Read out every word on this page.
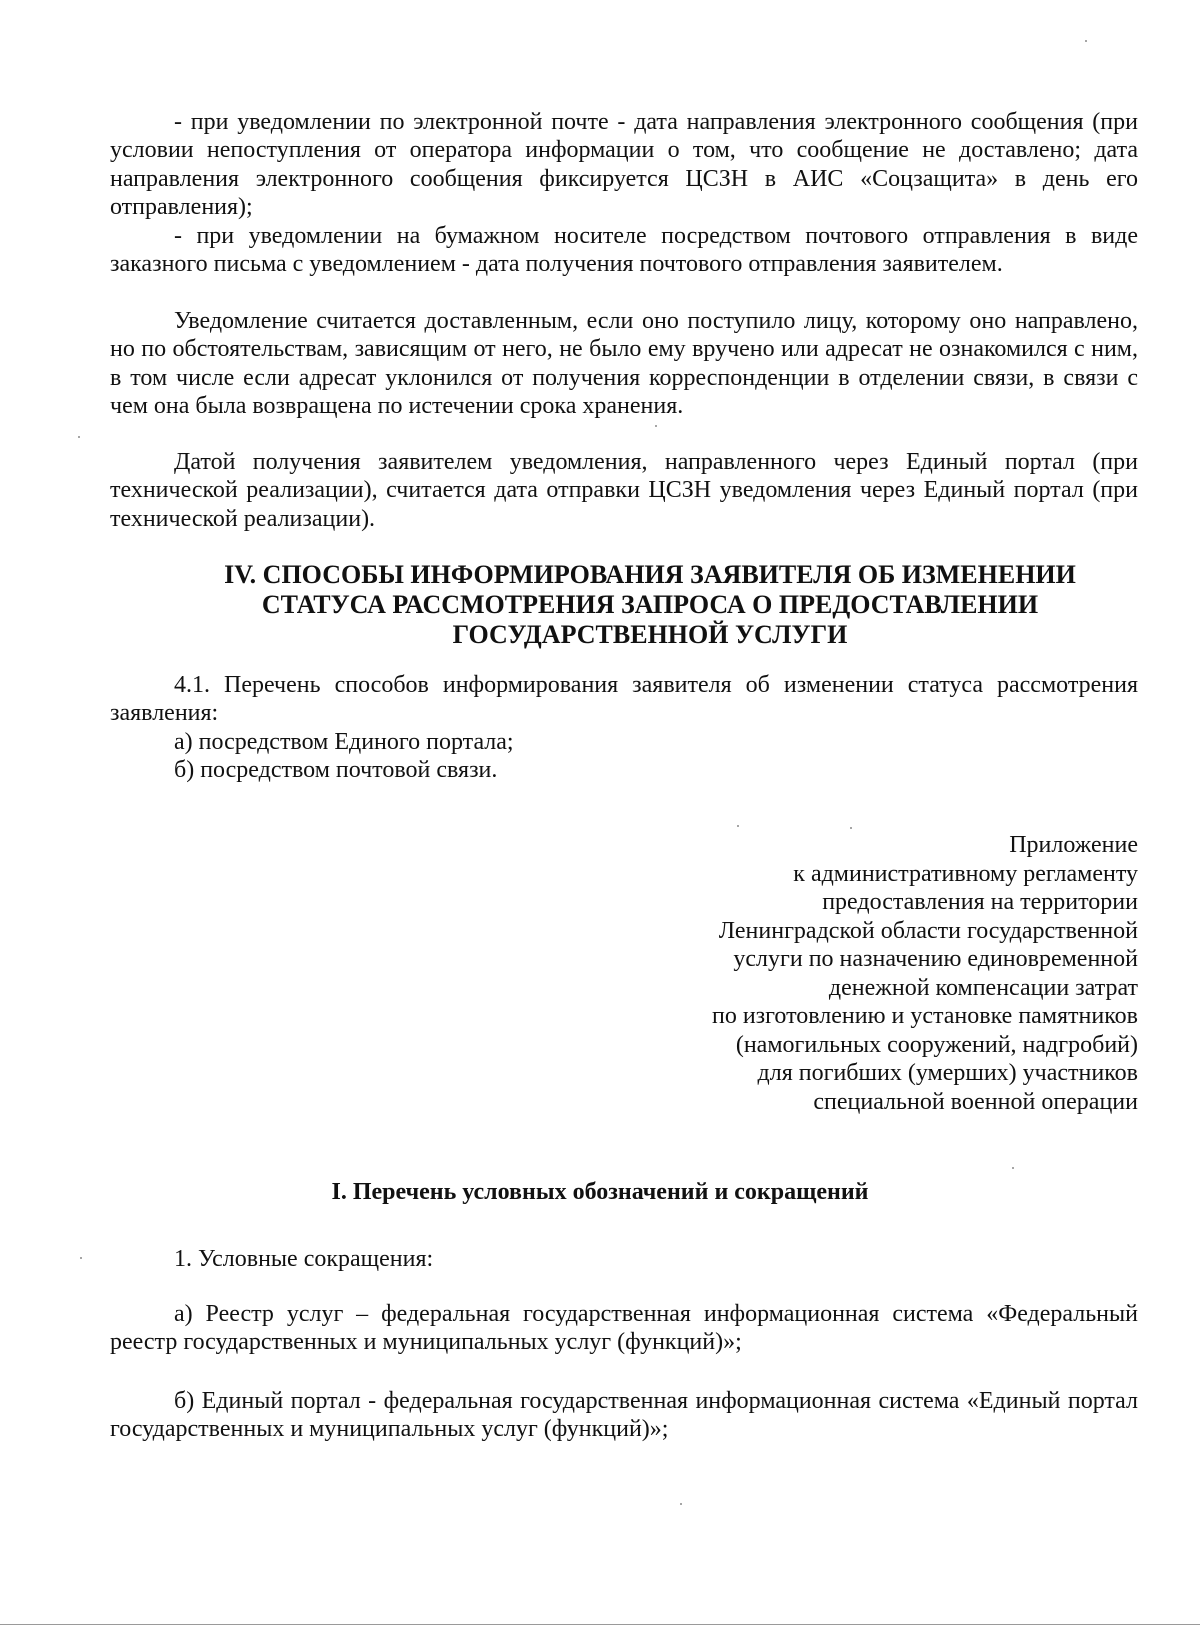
- при уведомлении по электронной почте - дата направления электронного сообщения (при условии непоступления от оператора информации о том, что сообщение не доставлено; дата направления электронного сообщения фиксируется ЦСЗН в АИС «Соцзащита» в день его отправления);
- при уведомлении на бумажном носителе посредством почтового отправления в виде заказного письма с уведомлением - дата получения почтового отправления заявителем.
Уведомление считается доставленным, если оно поступило лицу, которому оно направлено, но по обстоятельствам, зависящим от него, не было ему вручено или адресат не ознакомился с ним, в том числе если адресат уклонился от получения корреспонденции в отделении связи, в связи с чем она была возвращена по истечении срока хранения.
Датой получения заявителем уведомления, направленного через Единый портал (при технической реализации), считается дата отправки ЦСЗН уведомления через Единый портал (при технической реализации).
IV. СПОСОБЫ ИНФОРМИРОВАНИЯ ЗАЯВИТЕЛЯ ОБ ИЗМЕНЕНИИ
СТАТУСА РАССМОТРЕНИЯ ЗАПРОСА О ПРЕДОСТАВЛЕНИИ
ГОСУДАРСТВЕННОЙ УСЛУГИ
4.1. Перечень способов информирования заявителя об изменении статуса рассмотрения заявления:
а) посредством Единого портала;
б) посредством почтовой связи.
Приложение
к административному регламенту
предоставления на территории
Ленинградской области государственной
услуги по назначению единовременной
денежной компенсации затрат
по изготовлению и установке памятников
(намогильных сооружений, надгробий)
для погибших (умерших) участников
специальной военной операции
I. Перечень условных обозначений и сокращений
1. Условные сокращения:
а) Реестр услуг – федеральная государственная информационная система «Федеральный реестр государственных и муниципальных услуг (функций)»;
б) Единый портал - федеральная государственная информационная система «Единый портал государственных и муниципальных услуг (функций)»;
